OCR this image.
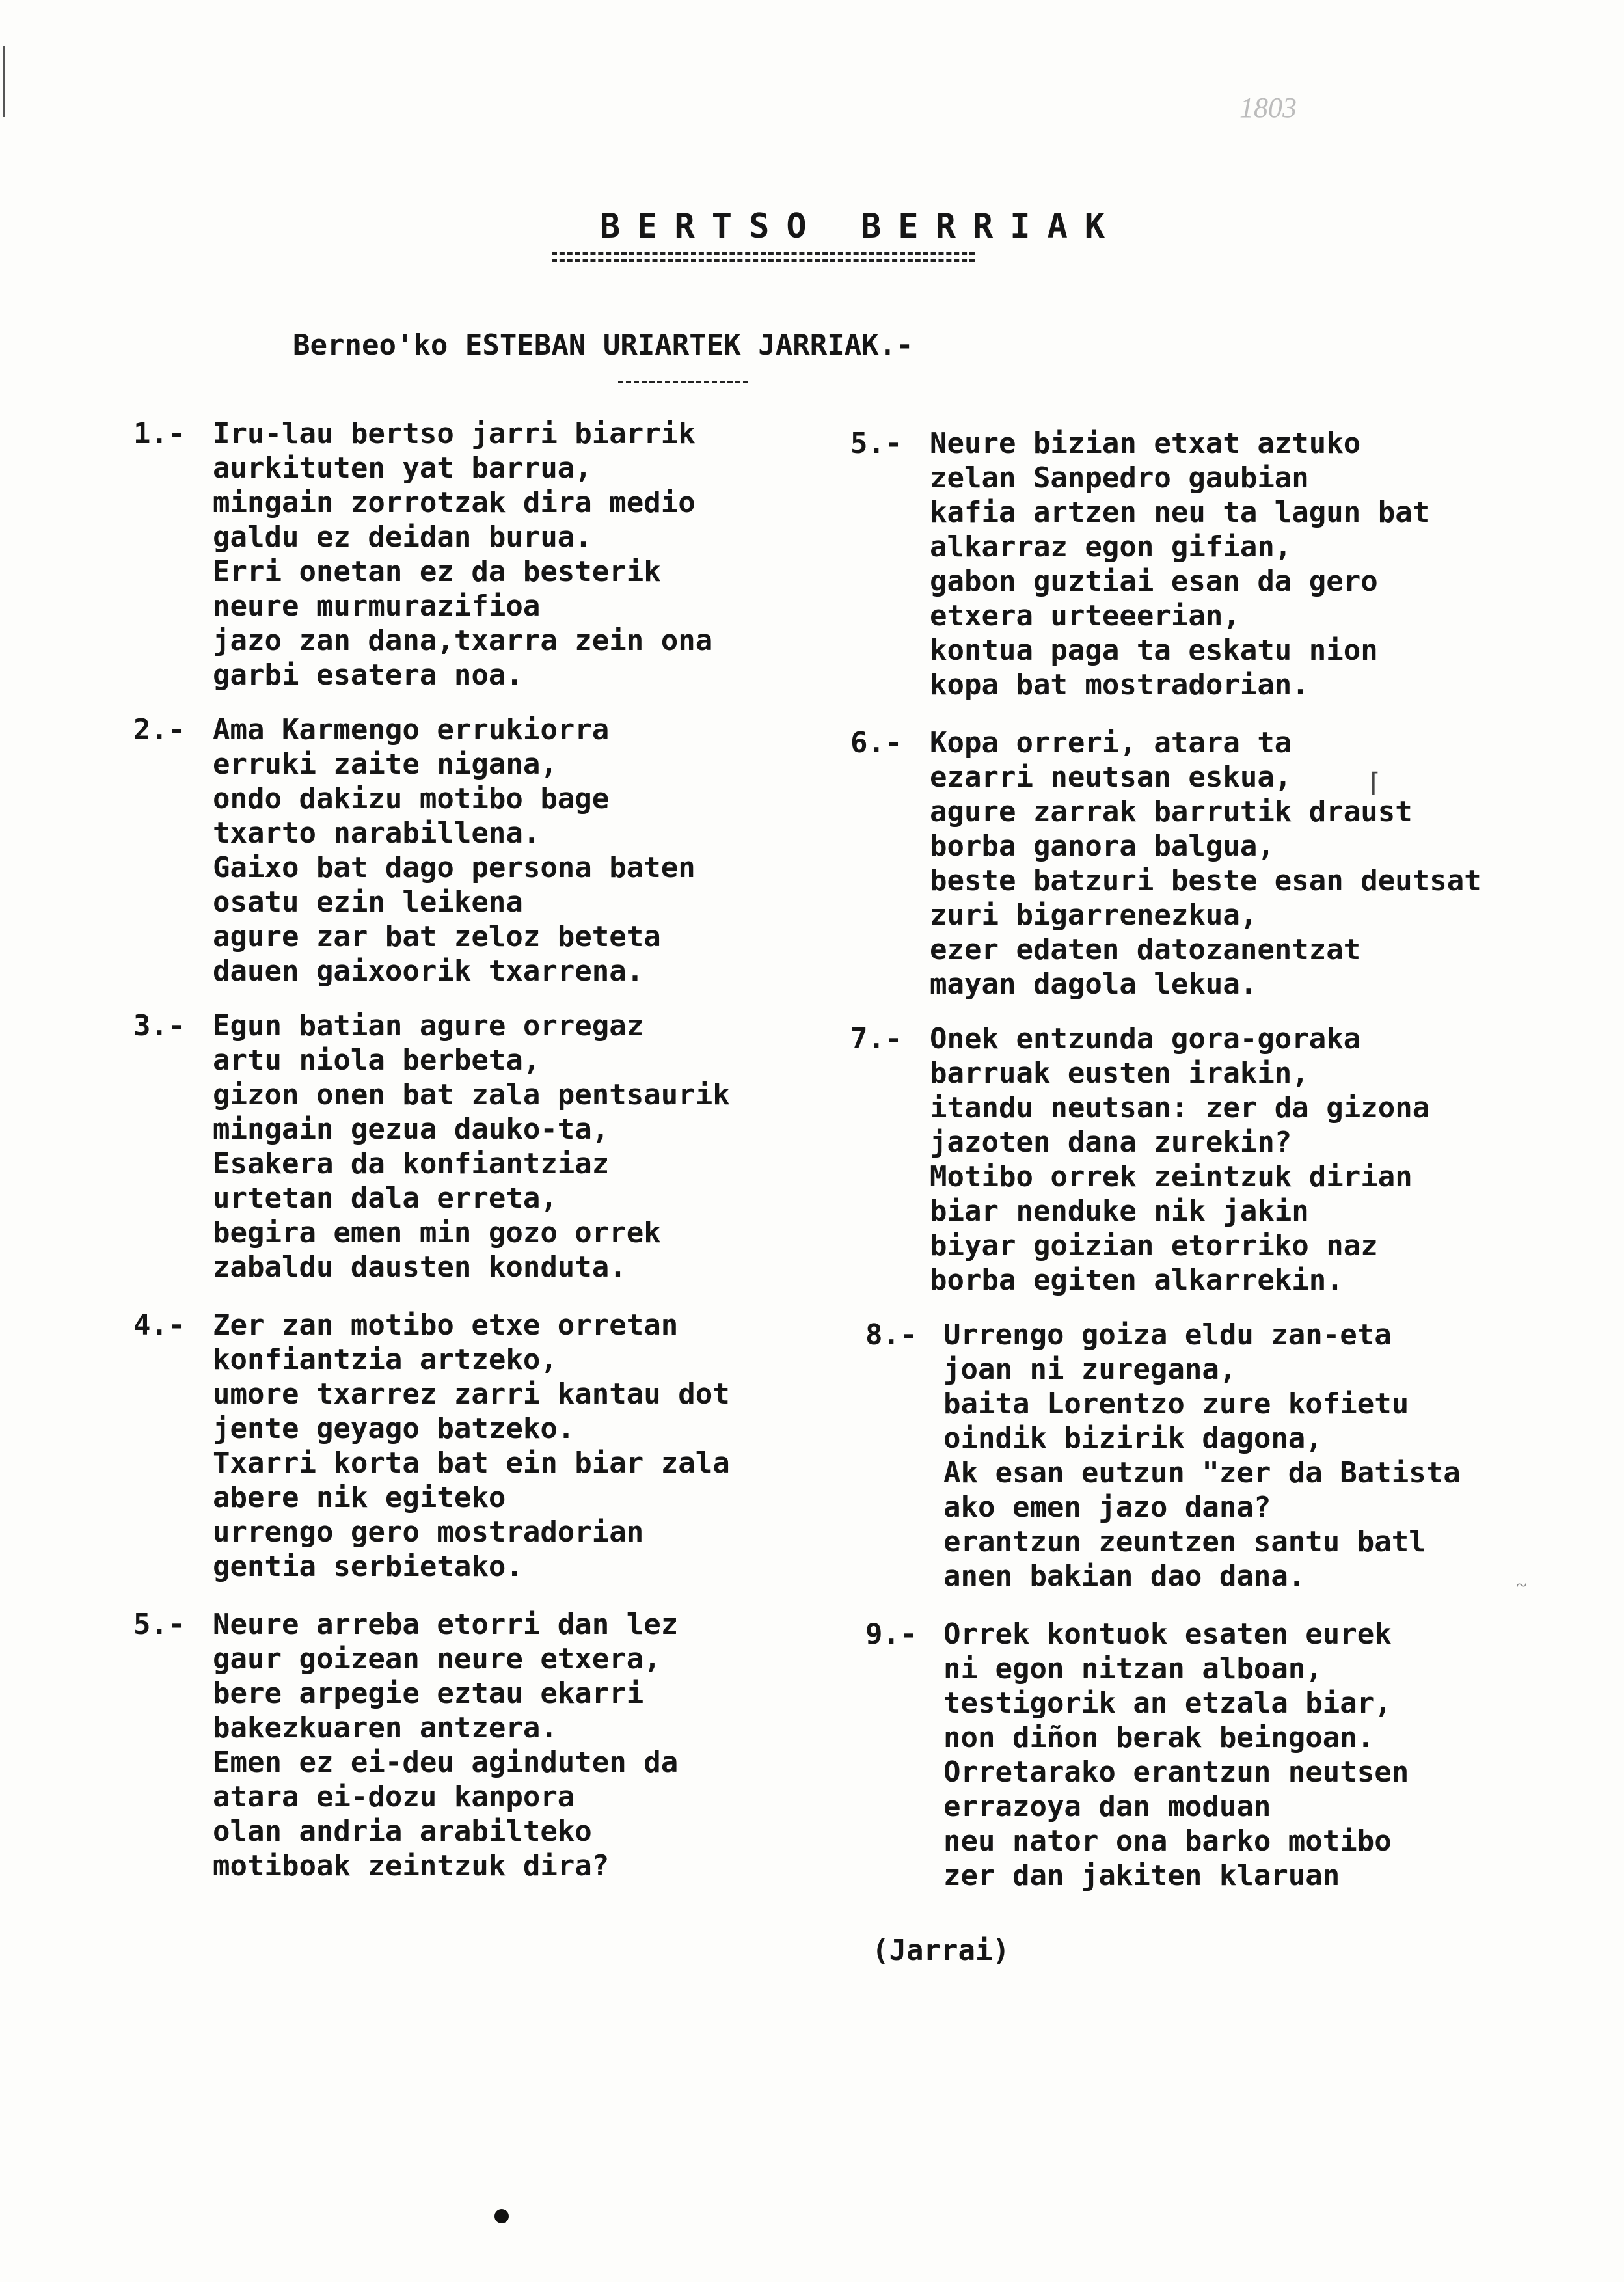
1803
BERTSO BERRIAK
Berneo'ko ESTEBAN URIARTEK JARRIAK.-
1.- Iru-lau bertso jarri biarrik
aurkituten yat barrua,
mingain zorrotzak dira medio
galdu ez deidan burua.
Erri onetan ez da besterik
neure murmurazifioa
jazo zan dana,txarra zein ona
garbi esatera noa.
2.- Ama Karmengo errukiorra
erruki zaite nigana,
ondo dakizu motibo bage
txarto narabillena.
Gaixo bat dago persona baten
osatu ezin leikena
agure zar bat zeloz beteta
dauen gaixoorik txarrena.
3.- Egun batian agure orregaz
artu niola berbeta,
gizon onen bat zala pentsaurik
mingain gezua dauko-ta,
Esakera da konfiantziaz
urtetan dala erreta,
begira emen min gozo orrek
zabaldu dausten konduta.
4.- Zer zan motibo etxe orretan
konfiantzia artzeko,
umore txarrez zarri kantau dot
jente geyago batzeko.
Txarri korta bat ein biar zala
abere nik egiteko
urrengo gero mostradorian
gentia serbietako.
5.- Neure arreba etorri dan lez
gaur goizean neure etxera,
bere arpegie eztau ekarri
bakezkuaren antzera.
Emen ez ei-deu aginduten da
atara ei-dozu kanpora
olan andria arabilteko
motiboak zeintzuk dira?
5.- Neure bizian etxat aztuko
zelan Sanpedro gaubian
kafia artzen neu ta lagun bat
alkarraz egon gifian,
gabon guztiai esan da gero
etxera urteeerian,
kontua paga ta eskatu nion
kopa bat mostradorian.
6.- Kopa orreri, atara ta
ezarri neutsan eskua,
agure zarrak barrutik draust
borba ganora balgua,
beste batzuri beste esan deutsat
zuri bigarrenezkua,
ezer edaten datozanentzat
mayan dagola lekua.
7.- Onek entzunda gora-goraka
barruak eusten irakin,
itandu neutsan: zer da gizona
jazoten dana zurekin?
Motibo orrek zeintzuk dirian
biar nenduke nik jakin
biyar goizian etorriko naz
borba egiten alkarrekin.
8.- Urrengo goiza eldu zan-eta
joan ni zuregana,
baita Lorentzo zure kofietu
oindik bizirik dagona,
Ak esan eutzun "zer da Batista
ako emen jazo dana?
erantzun zeuntzen santu batl
anen bakian dao dana.
9.- Orrek kontuok esaten eurek
ni egon nitzan alboan,
testigorik an etzala biar,
non diñon berak beingoan.
Orretarako erantzun neutsen
errazoya dan moduan
neu nator ona barko motibo
zer dan jakiten klaruan
⌈
~
(Jarrai)
